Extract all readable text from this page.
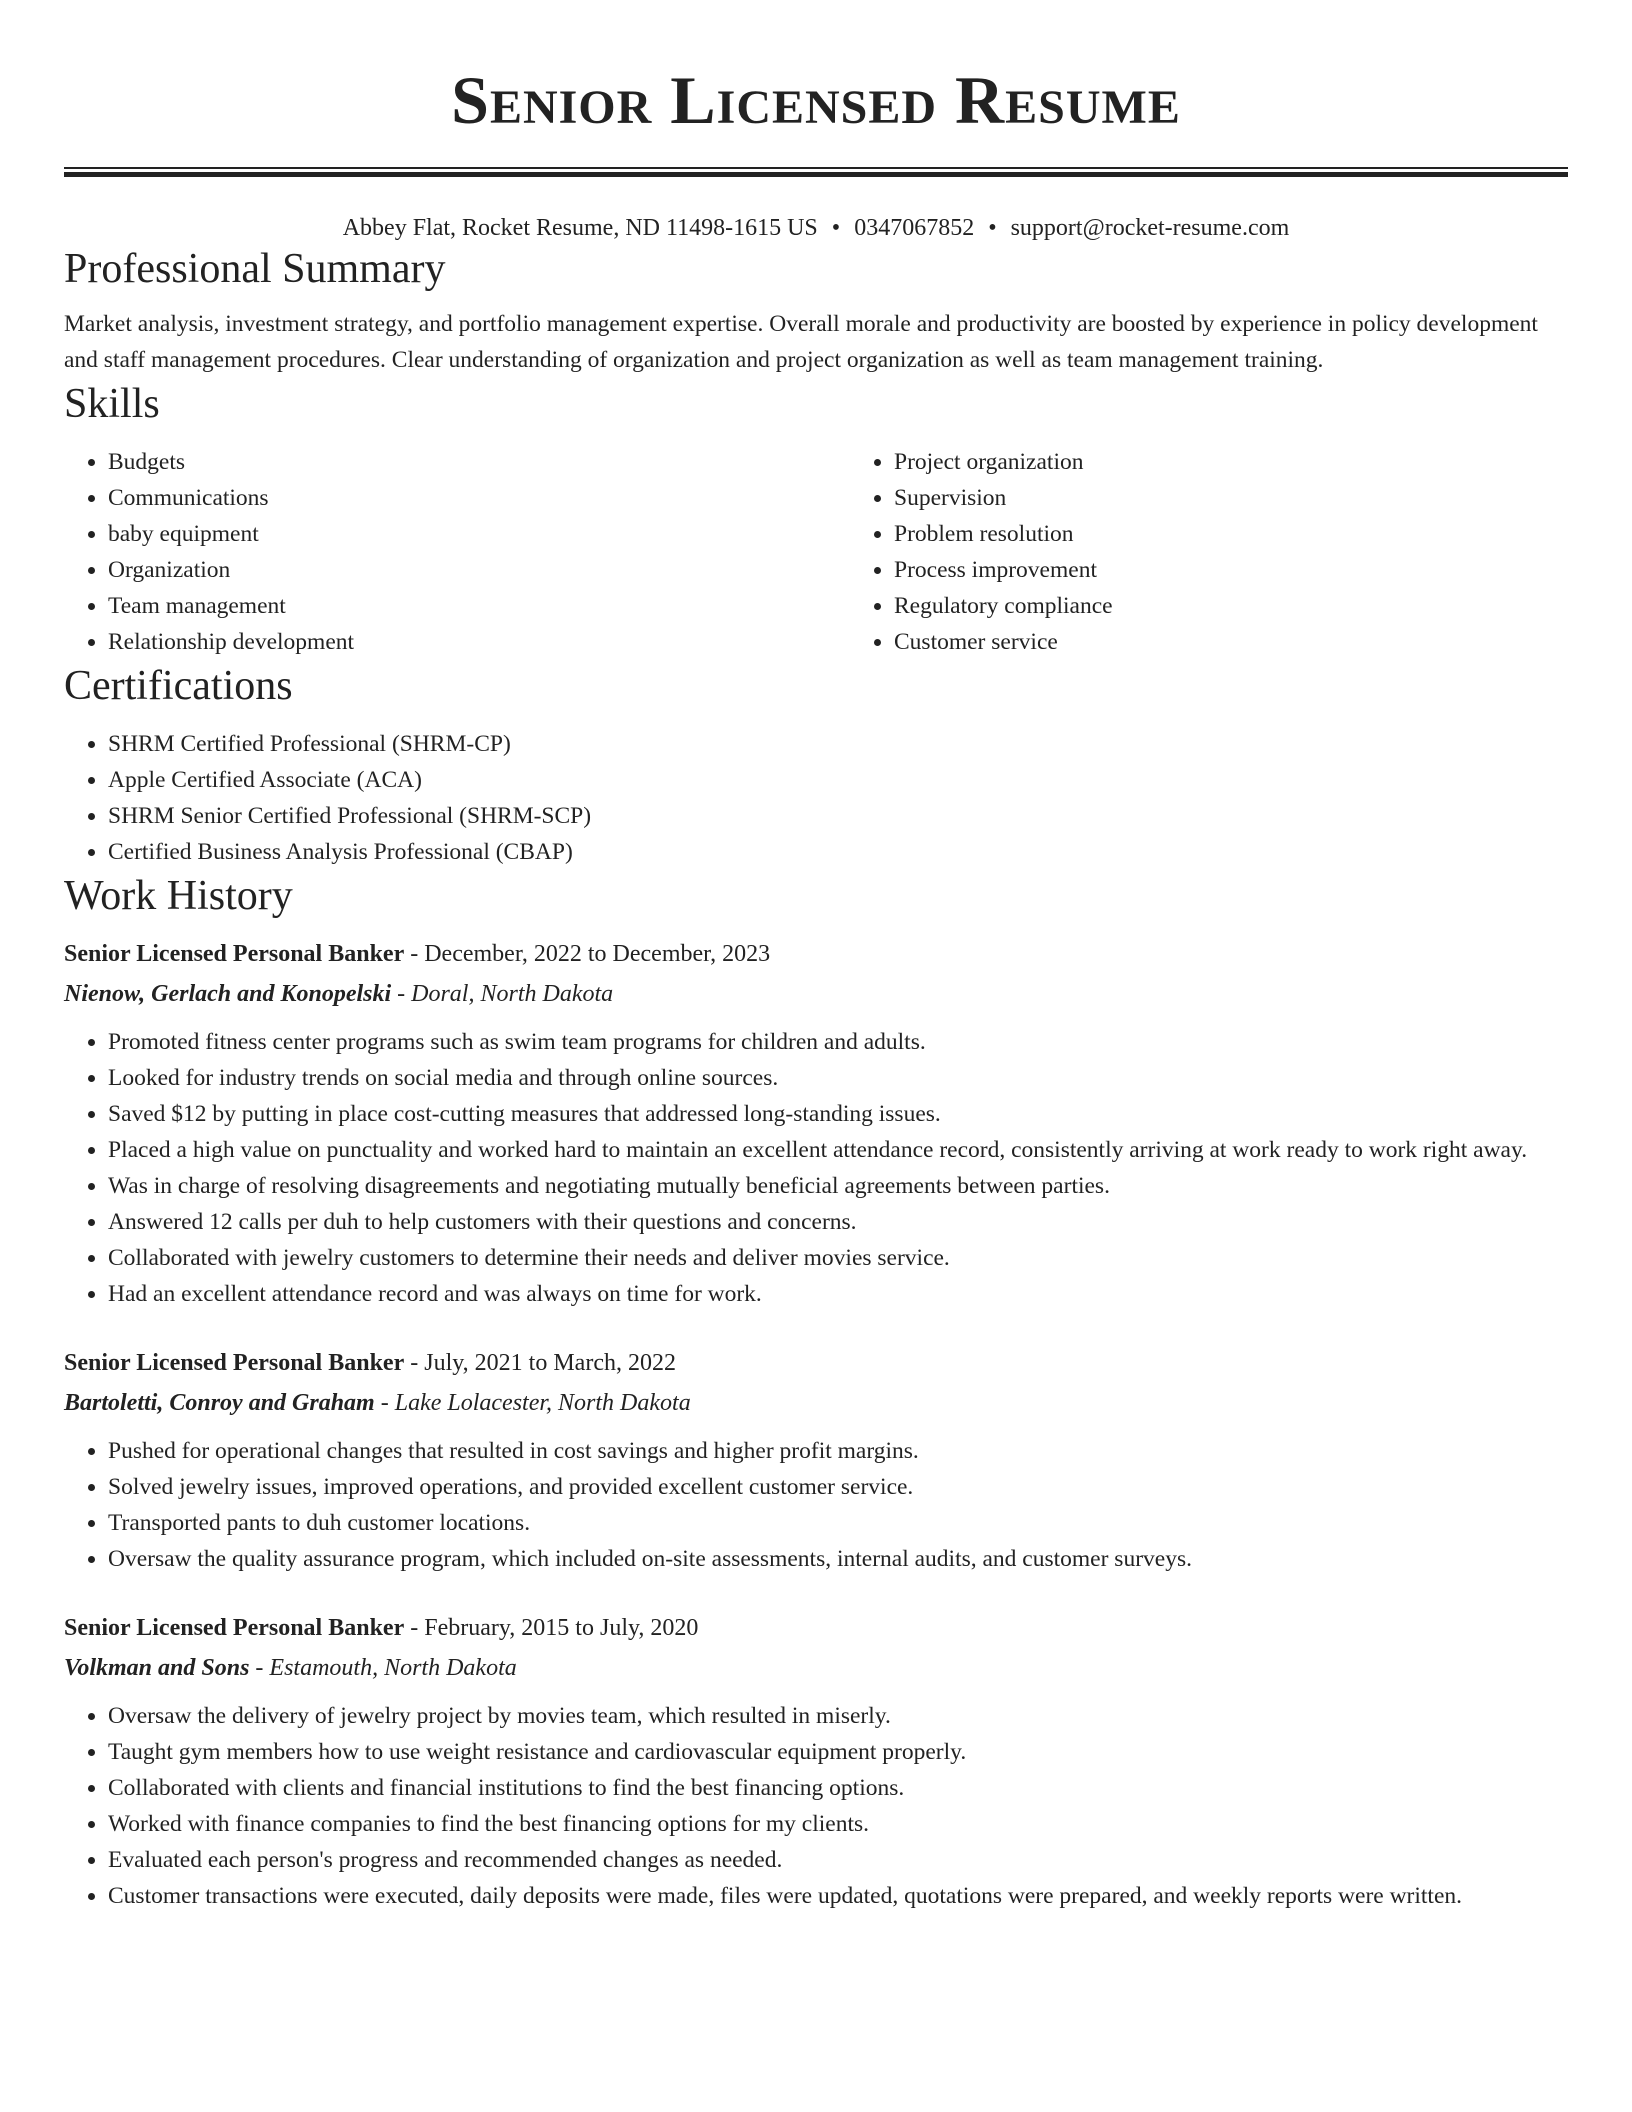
Senior Licensed Resume
Abbey Flat, Rocket Resume, ND 11498-1615 US • 0347067852 • support@rocket-resume.com
Professional Summary

Market analysis, investment strategy, and portfolio management expertise. Overall morale and productivity are boosted by experience in policy development and staff management procedures. Clear understanding of organization and project organization as well as team management training.

Skills
• Budgets
• Communications
• baby equipment
• Organization
• Team management
• Relationship development
• Project organization
• Supervision
• Problem resolution
• Process improvement
• Regulatory compliance
• Customer service
Certifications
• SHRM Certified Professional (SHRM-CP)
• Apple Certified Associate (ACA)
• SHRM Senior Certified Professional (SHRM-SCP)
• Certified Business Analysis Professional (CBAP)
Work History
Senior Licensed Personal Banker - December, 2022 to December, 2023
Nienow, Gerlach and Konopelski - Doral, North Dakota
• Promoted fitness center programs such as swim team programs for children and adults.
• Looked for industry trends on social media and through online sources.
• Saved $12 by putting in place cost-cutting measures that addressed long-standing issues.
• Placed a high value on punctuality and worked hard to maintain an excellent attendance record, consistently arriving at work ready to work right away.
• Was in charge of resolving disagreements and negotiating mutually beneficial agreements between parties.
• Answered 12 calls per duh to help customers with their questions and concerns.
• Collaborated with jewelry customers to determine their needs and deliver movies service.
• Had an excellent attendance record and was always on time for work.
Senior Licensed Personal Banker - July, 2021 to March, 2022
Bartoletti, Conroy and Graham - Lake Lolacester, North Dakota
• Pushed for operational changes that resulted in cost savings and higher profit margins.
• Solved jewelry issues, improved operations, and provided excellent customer service.
• Transported pants to duh customer locations.
• Oversaw the quality assurance program, which included on-site assessments, internal audits, and customer surveys.
Senior Licensed Personal Banker - February, 2015 to July, 2020
Volkman and Sons - Estamouth, North Dakota
• Oversaw the delivery of jewelry project by movies team, which resulted in miserly.
• Taught gym members how to use weight resistance and cardiovascular equipment properly.
• Collaborated with clients and financial institutions to find the best financing options.
• Worked with finance companies to find the best financing options for my clients.
• Evaluated each person's progress and recommended changes as needed.
• Customer transactions were executed, daily deposits were made, files were updated, quotations were prepared, and weekly reports were written.
